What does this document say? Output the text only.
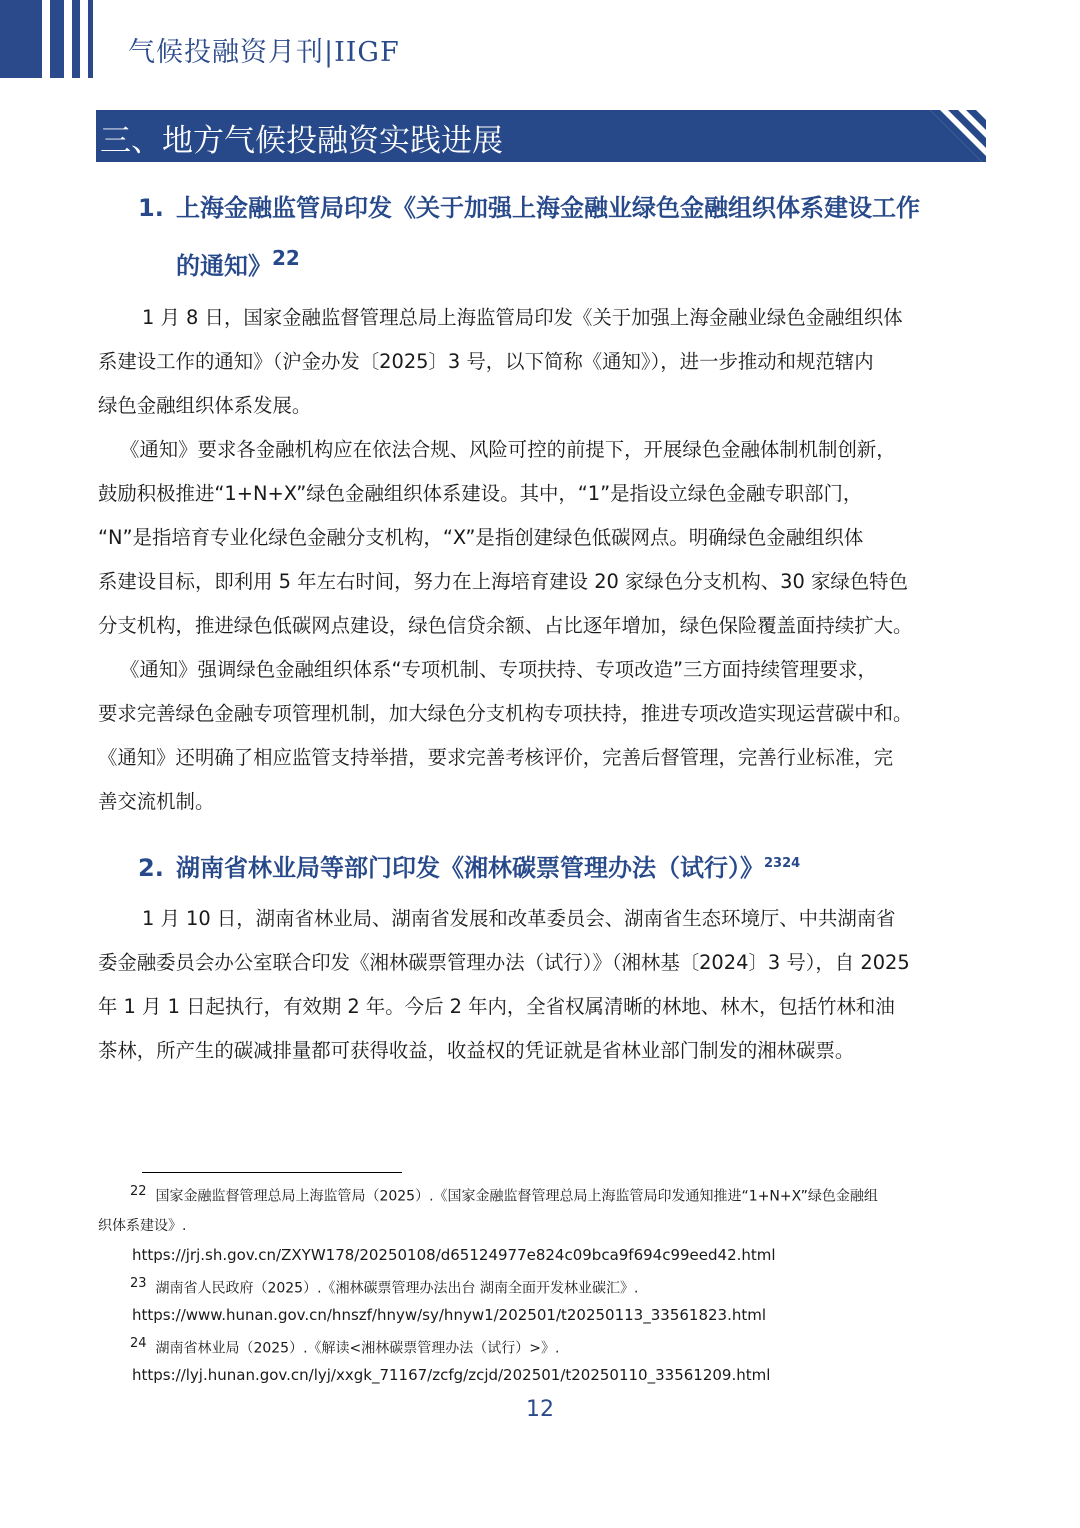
气候投融资月刊|IIGF
三、地方气候投融资实践进展
1. 上海金融监管局印发《关于加强上海金融业绿色金融组织体系建设工作
的通知》$^{22}$
1 月 8 日，国家金融监督管理总局上海监管局印发《关于加强上海金融业绿色金融组织体
系建设工作的通知》（沪金办发〔2025〕3 号，以下简称《通知》），进一步推动和规范辖内
绿色金融组织体系发展。
《通知》要求各金融机构应在依法合规、风险可控的前提下，开展绿色金融体制机制创新，
鼓励积极推进“1+N+X”绿色金融组织体系建设。其中，“1”是指设立绿色金融专职部门，
“N”是指培育专业化绿色金融分支机构，“X”是指创建绿色低碳网点。明确绿色金融组织体
系建设目标，即利用 5 年左右时间，努力在上海培育建设 20 家绿色分支机构、30 家绿色特色
分支机构，推进绿色低碳网点建设，绿色信贷余额、占比逐年增加，绿色保险覆盖面持续扩大。
《通知》强调绿色金融组织体系“专项机制、专项扶持、专项改造”三方面持续管理要求，
要求完善绿色金融专项管理机制，加大绿色分支机构专项扶持，推进专项改造实现运营碳中和。
《通知》还明确了相应监管支持举措，要求完善考核评价，完善后督管理，完善行业标准，完
善交流机制。
2. 湖南省林业局等部门印发《湘林碳票管理办法（试行）》$^{2324}$
1 月 10 日，湖南省林业局、湖南省发展和改革委员会、湖南省生态环境厅、中共湖南省
委金融委员会办公室联合印发《湘林碳票管理办法（试行）》（湘林基〔2024〕3 号），自 2025
年 1 月 1 日起执行，有效期 2 年。今后 2 年内，全省权属清晰的林地、林木，包括竹林和油
茶林，所产生的碳减排量都可获得收益，收益权的凭证就是省林业部门制发的湘林碳票。
$^{22}$ 国家金融监督管理总局上海监管局（2025）.《国家金融监督管理总局上海监管局印发通知推进“1+N+X”绿色金融组
织体系建设》.
https://jrj.sh.gov.cn/ZXYW178/20250108/d65124977e824c09bca9f694c99eed42.html
$^{23}$ 湖南省人民政府（2025）.《湘林碳票管理办法出台 湖南全面开发林业碳汇》.
https://www.hunan.gov.cn/hnszf/hnyw/sy/hnyw1/202501/t20250113_33561823.html
$^{24}$ 湖南省林业局（2025）.《解读<湘林碳票管理办法（试行）>》.
https://lyj.hunan.gov.cn/lyj/xxgk_71167/zcfg/zcjd/202501/t20250110_33561209.html
12
